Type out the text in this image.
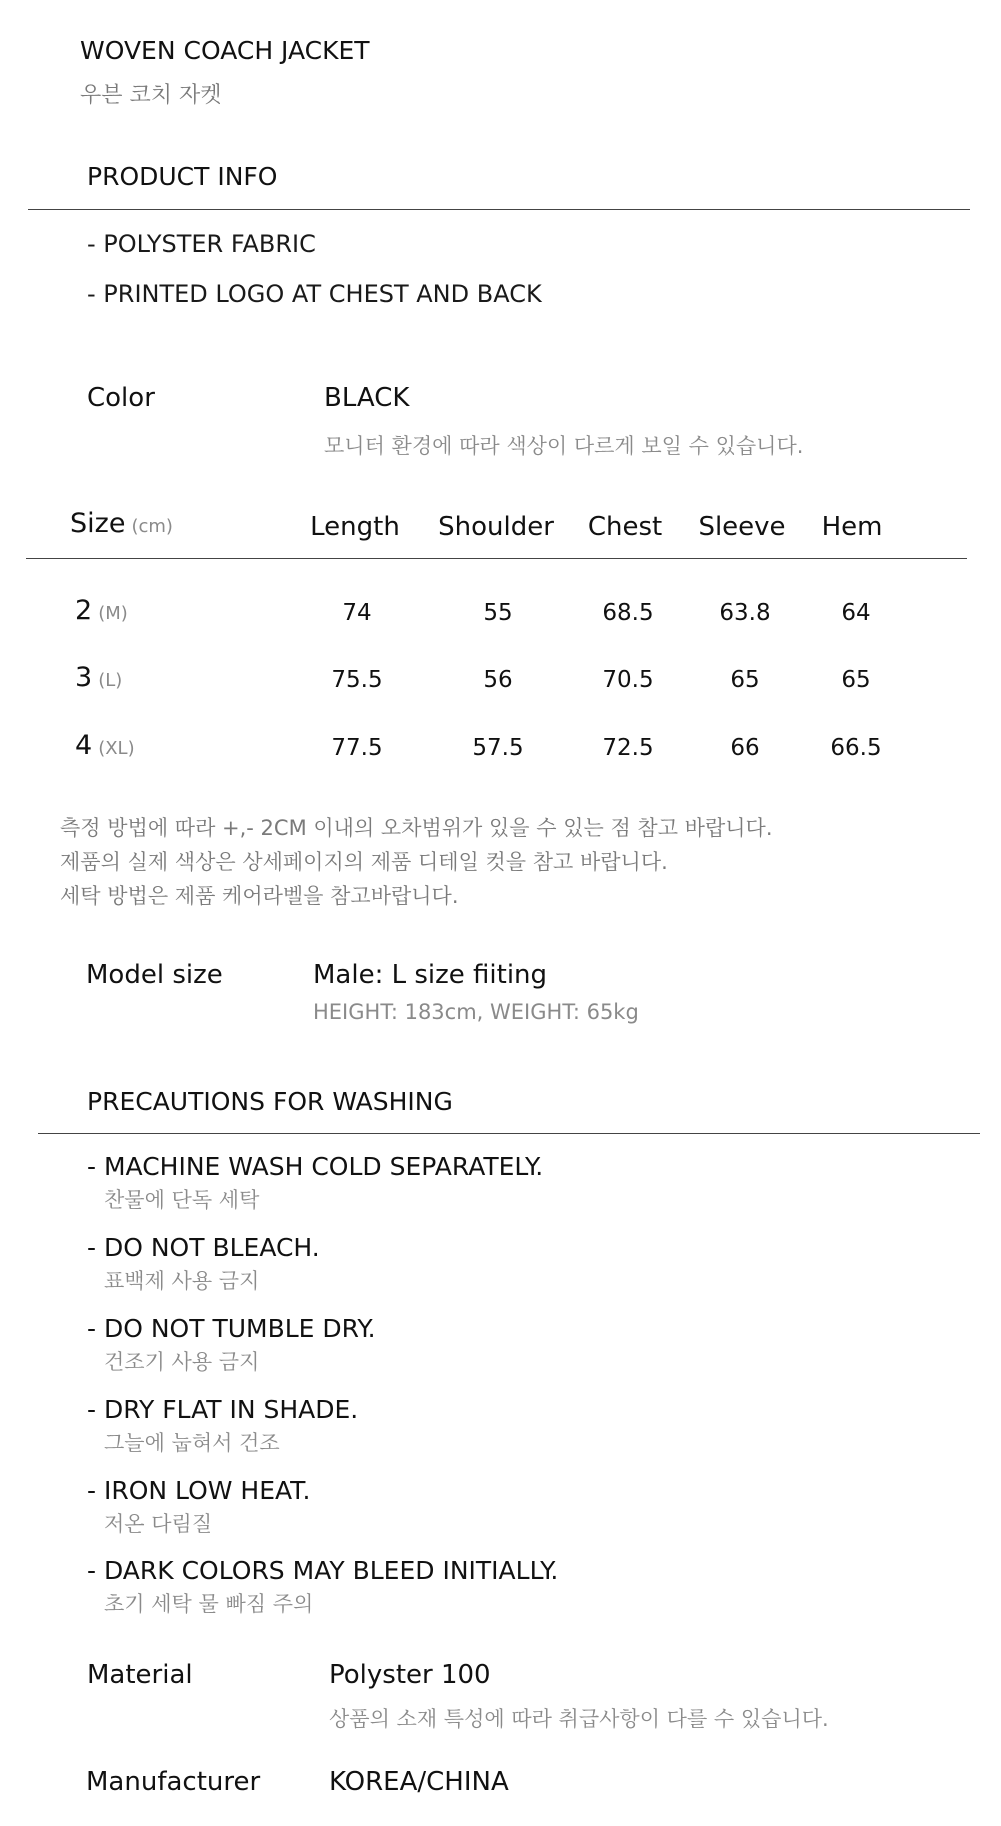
WOVEN COACH JACKET
우븐 코치 자켓
PRODUCT INFO
- POLYSTER FABRIC
- PRINTED LOGO AT CHEST AND BACK
Color	BLACK
모니터 환경에 따라 색상이 다르게 보일 수 있습니다.
Size (cm)	Length	Shoulder	Chest	Sleeve	Hem
2 (M)	74	55	68.5	63.8	64
3 (L)	75.5	56	70.5	65	65
4 (XL)	77.5	57.5	72.5	66	66.5
측정 방법에 따라 +,- 2CM 이내의 오차범위가 있을 수 있는 점 참고 바랍니다.
제품의 실제 색상은 상세페이지의 제품 디테일 컷을 참고 바랍니다.
세탁 방법은 제품 케어라벨을 참고바랍니다.
Model size	Male: L size fiiting
HEIGHT: 183cm, WEIGHT: 65kg
PRECAUTIONS FOR WASHING
- MACHINE WASH COLD SEPARATELY.
찬물에 단독 세탁
- DO NOT BLEACH.
표백제 사용 금지
- DO NOT TUMBLE DRY.
건조기 사용 금지
- DRY FLAT IN SHADE.
그늘에 눕혀서 건조
- IRON LOW HEAT.
저온 다림질
- DARK COLORS MAY BLEED INITIALLY.
초기 세탁 물 빠짐 주의
Material	Polyster 100
상품의 소재 특성에 따라 취급사항이 다를 수 있습니다.
Manufacturer	KOREA/CHINA
